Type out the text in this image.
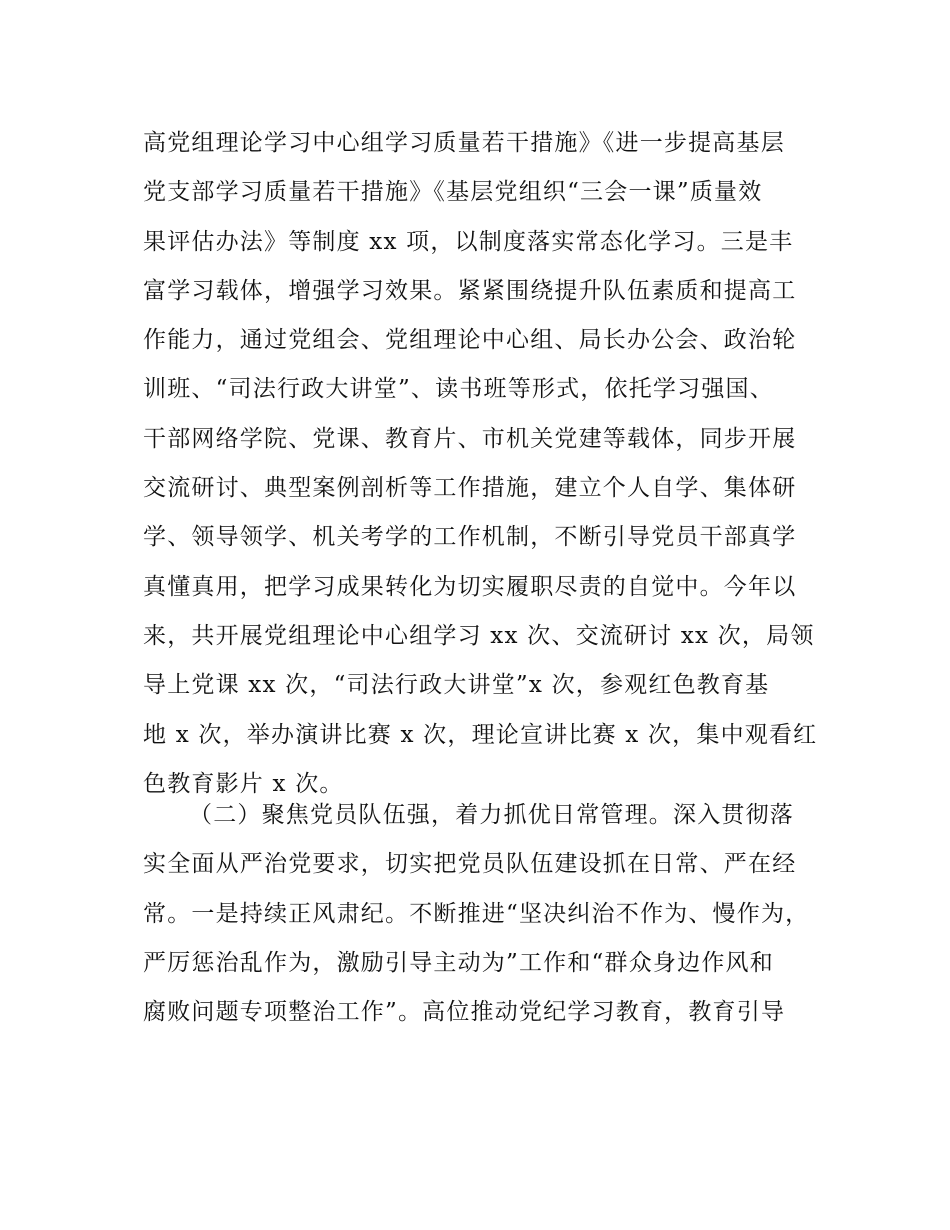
高党组理论学习中心组学习质量若干措施》《进一步提高基层
党支部学习质量若干措施》《基层党组织“三会一课”质量效
果评估办法》等制度 xx 项，以制度落实常态化学习。三是丰
富学习载体，增强学习效果。紧紧围绕提升队伍素质和提高工
作能力，通过党组会、党组理论中心组、局长办公会、政治轮
训班、“司法行政大讲堂”、读书班等形式，依托学习强国、
干部网络学院、党课、教育片、市机关党建等载体，同步开展
交流研讨、典型案例剖析等工作措施，建立个人自学、集体研
学、领导领学、机关考学的工作机制，不断引导党员干部真学
真懂真用，把学习成果转化为切实履职尽责的自觉中。今年以
来，共开展党组理论中心组学习 xx 次、交流研讨 xx 次，局领
导上党课 xx 次，“司法行政大讲堂”x 次，参观红色教育基
地 x 次，举办演讲比赛 x 次，理论宣讲比赛 x 次，集中观看红
色教育影片 x 次。
（二）聚焦党员队伍强，着力抓优日常管理。深入贯彻落
实全面从严治党要求，切实把党员队伍建设抓在日常、严在经
常。一是持续正风肃纪。不断推进“坚决纠治不作为、慢作为，
严厉惩治乱作为，激励引导主动为”工作和“群众身边作风和
腐败问题专项整治工作”。高位推动党纪学习教育，教育引导
